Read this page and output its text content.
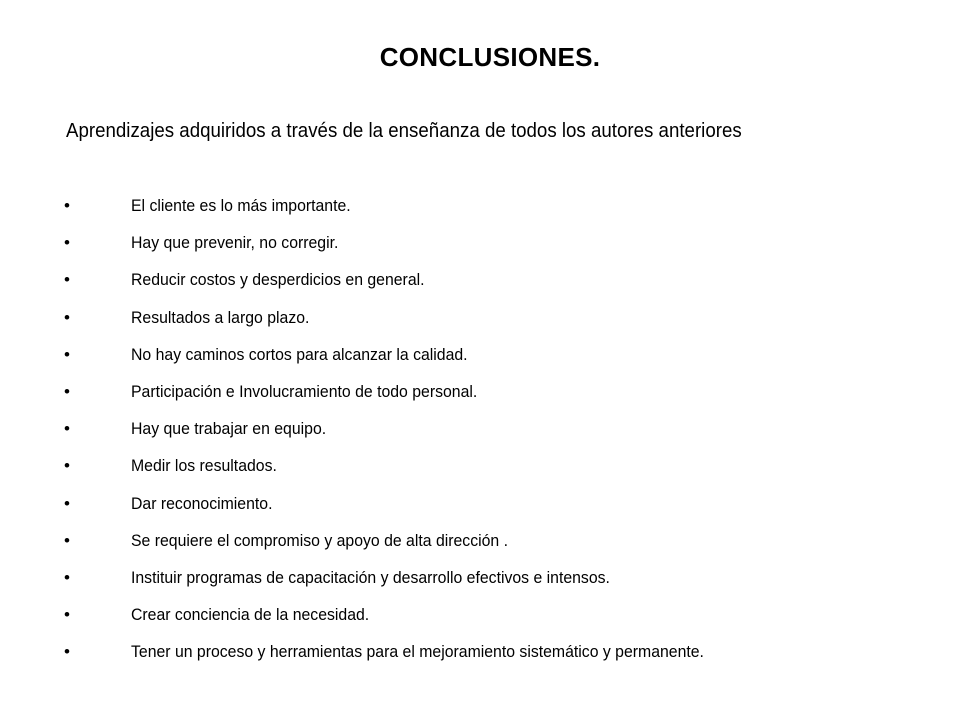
CONCLUSIONES.
Aprendizajes adquiridos a través de la enseñanza de todos los autores anteriores
•	El cliente es lo más importante.
•	Hay que prevenir, no corregir.
•	Reducir costos y desperdicios en general.
•	Resultados a largo plazo.
•	No hay caminos cortos para alcanzar la calidad.
•	Participación e Involucramiento de todo personal.
•	Hay que trabajar en equipo.
•	Medir los resultados.
•	Dar reconocimiento.
•	Se requiere el compromiso y apoyo de alta dirección .
•	Instituir programas de capacitación y desarrollo efectivos e intensos.
•	Crear conciencia de la necesidad.
•	Tener un proceso y herramientas para el mejoramiento sistemático y permanente.
